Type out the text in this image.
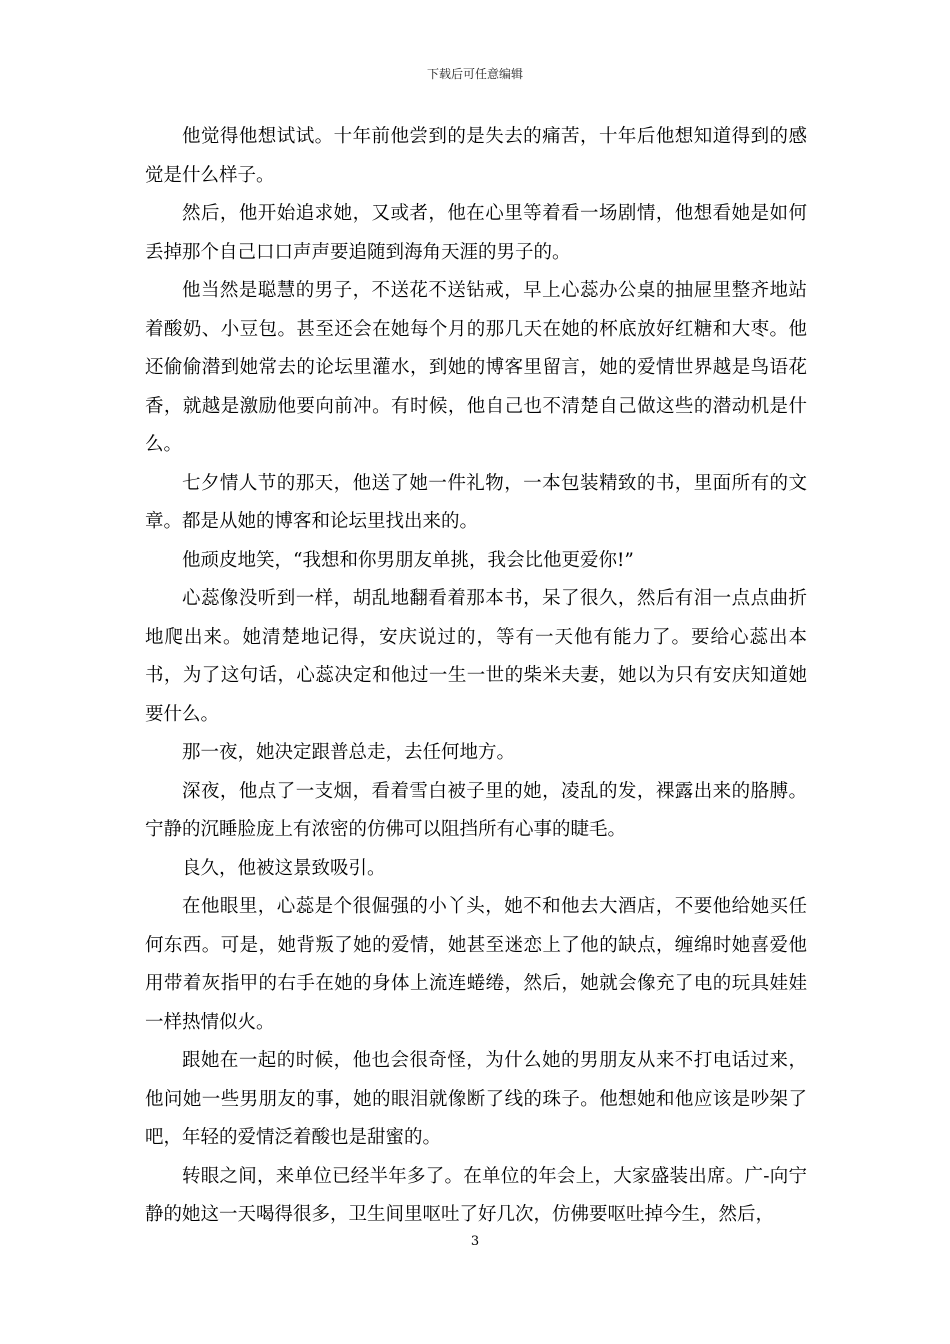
下载后可任意编辑

他觉得他想试试。十年前他尝到的是失去的痛苦，十年后他想知道得到的感觉是什么样子。

然后，他开始追求她，又或者，他在心里等着看一场剧情，他想看她是如何丢掉那个自己口口声声要追随到海角天涯的男子的。

他当然是聪慧的男子，不送花不送钻戒，早上心蕊办公桌的抽屉里整齐地站着酸奶、小豆包。甚至还会在她每个月的那几天在她的杯底放好红糖和大枣。他还偷偷潜到她常去的论坛里灌水，到她的博客里留言，她的爱情世界越是鸟语花香，就越是激励他要向前冲。有时候，他自己也不清楚自己做这些的潜动机是什么。

七夕情人节的那天，他送了她一件礼物，一本包装精致的书，里面所有的文章。都是从她的博客和论坛里找出来的。

他顽皮地笑，“我想和你男朋友单挑，我会比他更爱你!”

心蕊像没听到一样，胡乱地翻看着那本书，呆了很久，然后有泪一点点曲折地爬出来。她清楚地记得，安庆说过的，等有一天他有能力了。要给心蕊出本书，为了这句话，心蕊决定和他过一生一世的柴米夫妻，她以为只有安庆知道她要什么。

那一夜，她决定跟普总走，去任何地方。

深夜，他点了一支烟，看着雪白被子里的她，凌乱的发，裸露出来的胳膊。宁静的沉睡脸庞上有浓密的仿佛可以阻挡所有心事的睫毛。

良久，他被这景致吸引。

在他眼里，心蕊是个很倔强的小丫头，她不和他去大酒店，不要他给她买任何东西。可是，她背叛了她的爱情，她甚至迷恋上了他的缺点，缠绵时她喜爱他用带着灰指甲的右手在她的身体上流连蜷绻，然后，她就会像充了电的玩具娃娃一样热情似火。

跟她在一起的时候，他也会很奇怪，为什么她的男朋友从来不打电话过来，他问她一些男朋友的事，她的眼泪就像断了线的珠子。他想她和他应该是吵架了吧，年轻的爱情泛着酸也是甜蜜的。

转眼之间，来单位已经半年多了。在单位的年会上，大家盛装出席。广-向宁静的她这一天喝得很多，卫生间里呕吐了好几次，仿佛要呕吐掉今生，然后，

3
